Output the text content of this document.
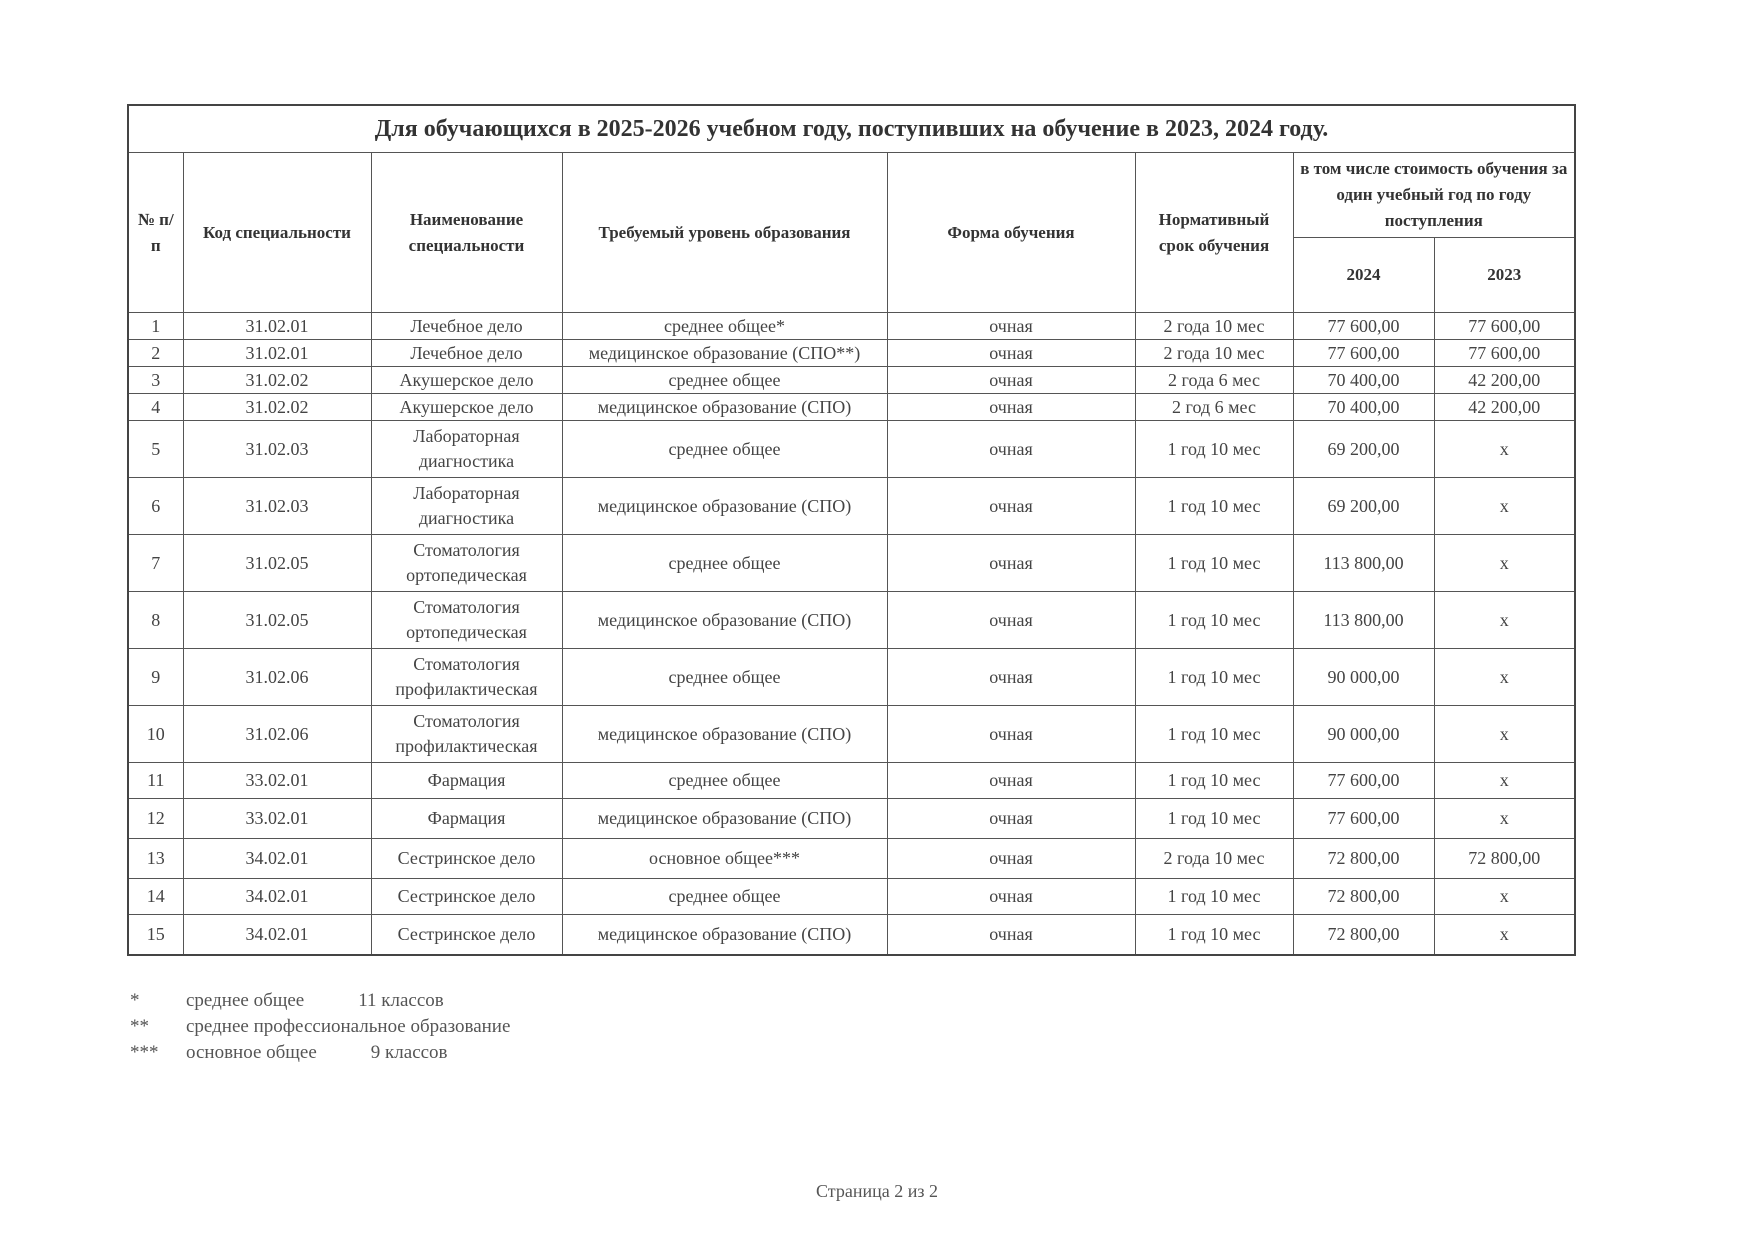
Для обучающихся в 2025-2026 учебном году, поступивших на обучение в 2023, 2024 году.							
№ п/п	Код специальности	Наименование специальности	Требуемый уровень образования	Форма обучения	Нормативный срок обучения	в том числе стоимость обучения за один учебный год по году поступления	
						2024	2023
1	31.02.01	Лечебное дело	среднее общее*	очная	2 года 10 мес	77 600,00	77 600,00
2	31.02.01	Лечебное дело	медицинское образование (СПО**)	очная	2 года 10 мес	77 600,00	77 600,00
3	31.02.02	Акушерское дело	среднее общее	очная	2 года 6 мес	70 400,00	42 200,00
4	31.02.02	Акушерское дело	медицинское образование (СПО)	очная	2 год 6 мес	70 400,00	42 200,00
5	31.02.03	Лабораторная диагностика	среднее общее	очная	1 год 10 мес	69 200,00	х
6	31.02.03	Лабораторная диагностика	медицинское образование (СПО)	очная	1 год 10 мес	69 200,00	х
7	31.02.05	Стоматология ортопедическая	среднее общее	очная	1 год 10 мес	113 800,00	х
8	31.02.05	Стоматология ортопедическая	медицинское образование (СПО)	очная	1 год 10 мес	113 800,00	х
9	31.02.06	Стоматология профилактическая	среднее общее	очная	1 год 10 мес	90 000,00	х
10	31.02.06	Стоматология профилактическая	медицинское образование (СПО)	очная	1 год 10 мес	90 000,00	х
11	33.02.01	Фармация	среднее общее	очная	1 год 10 мес	77 600,00	х
12	33.02.01	Фармация	медицинское образование (СПО)	очная	1 год 10 мес	77 600,00	х
13	34.02.01	Сестринское дело	основное общее***	очная	2 года 10 мес	72 800,00	72 800,00
14	34.02.01	Сестринское дело	среднее общее	очная	1 год 10 мес	72 800,00	х
15	34.02.01	Сестринское дело	медицинское образование (СПО)	очная	1 год 10 мес	72 800,00	х
*	среднее общее	11 классов
**	среднее профессиональное образование
***	основное общее	9 классов
Страница 2 из 2
